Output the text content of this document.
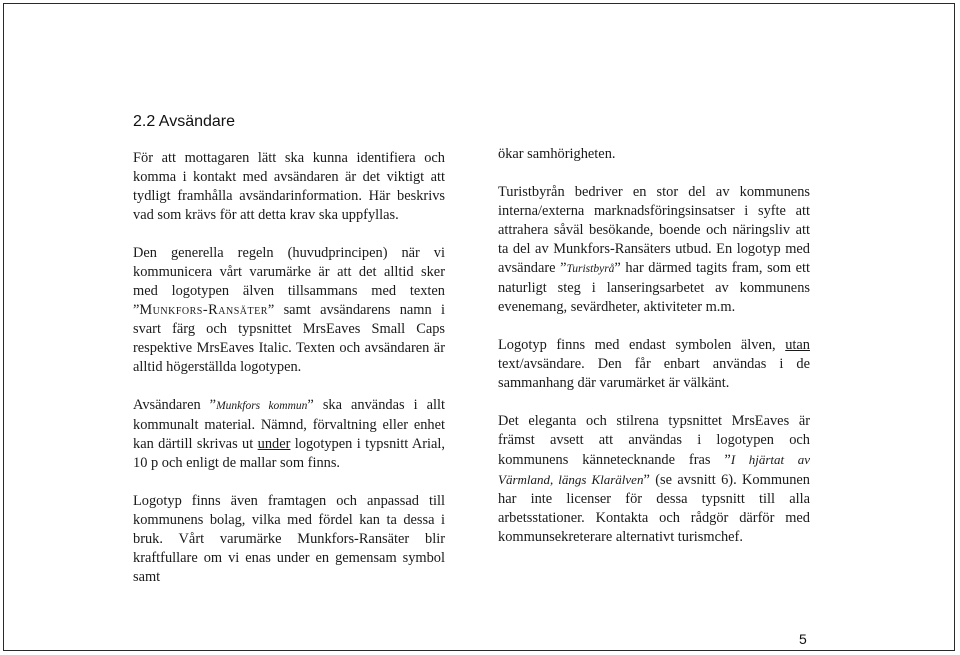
2.2 Avsändare

För att mottagaren lätt ska kunna identifiera och komma i kontakt med avsändaren är det viktigt att tydligt framhålla avsändarinformation. Här beskrivs vad som krävs för att detta krav ska uppfyllas.

Den generella regeln (huvudprincipen) när vi kommunicera vårt varumärke är att det alltid sker med logotypen älven tillsammans med texten ”Munkfors-Ransäter” samt avsändarens namn i svart färg och typsnittet MrsEaves Small Caps respektive MrsEaves Italic. Texten och avsändaren är alltid högerställda logotypen.

Avsändaren ”Munkfors kommun” ska användas i allt kommunalt material. Nämnd, förvaltning eller enhet kan därtill skrivas ut under logotypen i typsnitt Arial, 10 p och enligt de mallar som finns.

Logotyp finns även framtagen och anpassad till kommunens bolag, vilka med fördel kan ta dessa i bruk. Vårt varumärke Munkfors-Ransäter blir kraftfullare om vi enas under en gemensam symbol samt

ökar samhörigheten.

Turistbyrån bedriver en stor del av kommunens interna/externa marknadsföringsinsatser i syfte att attrahera såväl besökande, boende och näringsliv att ta del av Munkfors-Ransäters utbud. En logotyp med avsändare ”Turistbyrå” har därmed tagits fram, som ett naturligt steg i lanseringsarbetet av kommunens evenemang, sevärdheter, aktiviteter m.m.

Logotyp finns med endast symbolen älven, utan text/avsändare. Den får enbart användas i de sammanhang där varumärket är välkänt.

Det eleganta och stilrena typsnittet MrsEaves är främst avsett att användas i logotypen och kommunens kännetecknande fras ”I hjärtat av Värmland, längs Klarälven” (se avsnitt 6). Kommunen har inte licenser för dessa typsnitt till alla arbetsstationer. Kontakta och rådgör därför med kommunsekreterare alternativt turismchef.

5
